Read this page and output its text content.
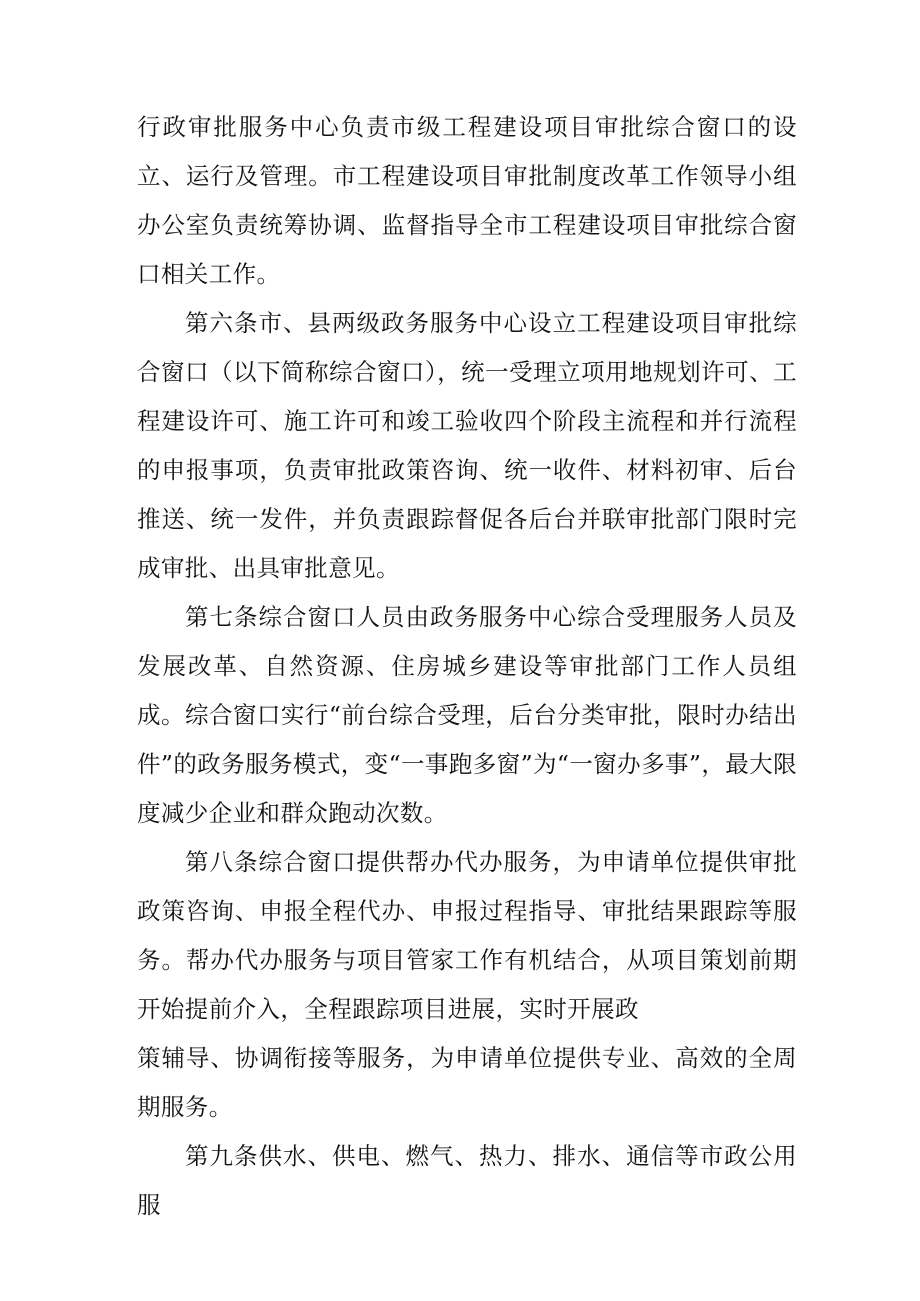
行政审批服务中心负责市级工程建设项目审批综合窗口的设立、运行及管理。市工程建设项目审批制度改革工作领导小组办公室负责统筹协调、监督指导全市工程建设项目审批综合窗口相关工作。

第六条市、县两级政务服务中心设立工程建设项目审批综合窗口（以下简称综合窗口），统一受理立项用地规划许可、工程建设许可、施工许可和竣工验收四个阶段主流程和并行流程的申报事项，负责审批政策咨询、统一收件、材料初审、后台推送、统一发件，并负责跟踪督促各后台并联审批部门限时完成审批、出具审批意见。

第七条综合窗口人员由政务服务中心综合受理服务人员及发展改革、自然资源、住房城乡建设等审批部门工作人员组成。综合窗口实行“前台综合受理，后台分类审批，限时办结出件”的政务服务模式，变“一事跑多窗”为“一窗办多事”，最大限度减少企业和群众跑动次数。

第八条综合窗口提供帮办代办服务，为申请单位提供审批政策咨询、申报全程代办、申报过程指导、审批结果跟踪等服务。帮办代办服务与项目管家工作有机结合，从项目策划前期开始提前介入，全程跟踪项目进展，实时开展政

策辅导、协调衔接等服务，为申请单位提供专业、高效的全周期服务。

第九条供水、供电、燃气、热力、排水、通信等市政公用服
